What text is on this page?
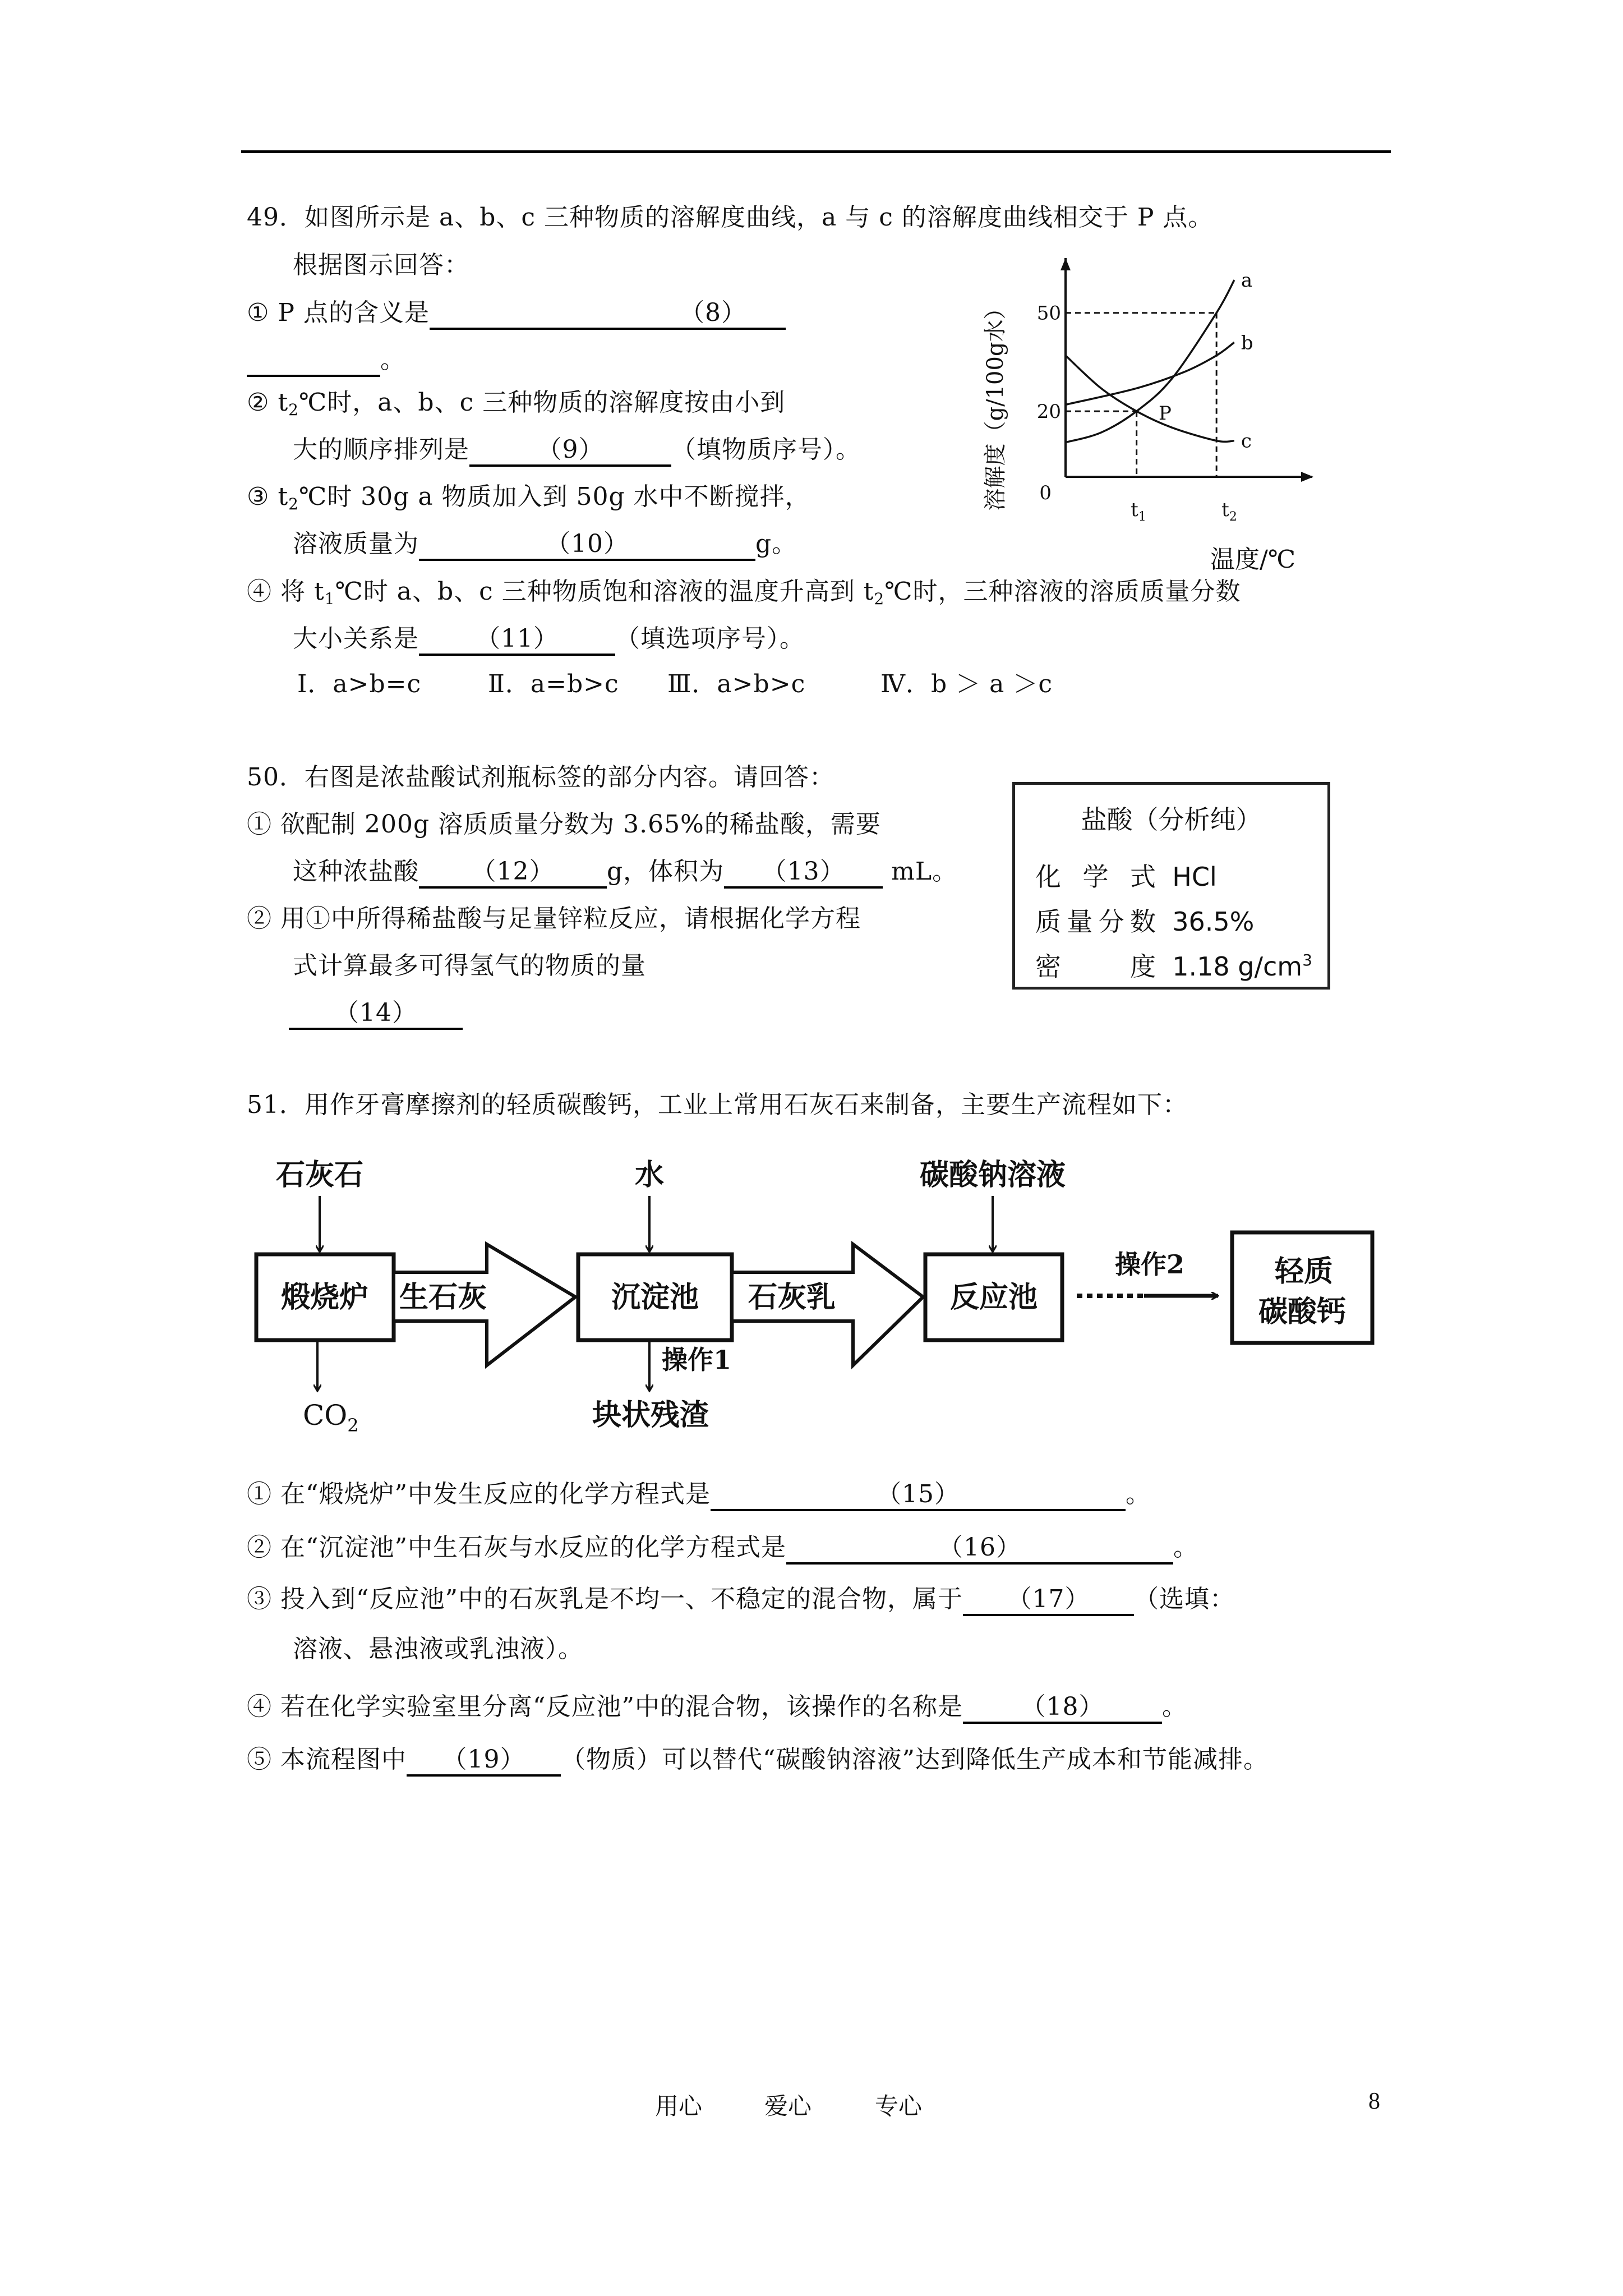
49．如图所示是 a、b、c 三种物质的溶解度曲线，a 与 c 的溶解度曲线相交于 P 点。
根据图示回答：
① P 点的含义是	（8）
。
② $t_2℃$时，a、b、c 三种物质的溶解度按由小到
大的顺序排列是	（9）	（填物质序号）。
③ $t_2℃$时 30g a 物质加入到 50g 水中不断搅拌，
溶液质量为	（10）	g。
④ 将 $t_1℃$时 a、b、c 三种物质饱和溶液的温度升高到 $t_2℃$时，三种溶液的溶质质量分数
大小关系是 （11） （填选项序号）。
Ⅰ．a>b=c	Ⅱ．a=b>c Ⅲ．a>b>c	Ⅳ．b ＞ a ＞c
20
50
a
b
c
溶解度（g/100g水）
温度/℃
0
$t_1$	$t_2$
P
50．右图是浓盐酸试剂瓶标签的部分内容。请回答：
① 欲配制 200g 溶质质量分数为 3.65%的稀盐酸，需要
这种浓盐酸 （12） g，体积为 （13） mL。
② 用①中所得稀盐酸与足量锌粒反应，请根据化学方程
式计算最多可得氢气的物质的量
（14）
盐酸（分析纯）
化学式 HCl
质量分数 36.5%
密度 1.18 $g/cm^3$
51．用作牙膏摩擦剂的轻质碳酸钙，工业上常用石灰石来制备，主要生产流程如下：
石灰石	水	碳酸钠溶液
煅烧炉 生石灰	沉淀池 石灰乳	反应池
操作2	轻质
碳酸钙
$CO_2$
操作1
块状残渣
① 在“煅烧炉”中发生反应的化学方程式是	（15）	。
② 在“沉淀池”中生石灰与水反应的化学方程式是	（16）	。
③ 投入到“反应池”中的石灰乳是不均一、不稳定的混合物，属于 （17） （选填：
溶液、悬浊液或乳浊液）。
④ 若在化学实验室里分离“反应池”中的混合物，该操作的名称是 （18） 。
⑤ 本流程图中 （19） （物质）可以替代“碳酸钠溶液”达到降低生产成本和节能减排。
用心	爱心	专心	8
